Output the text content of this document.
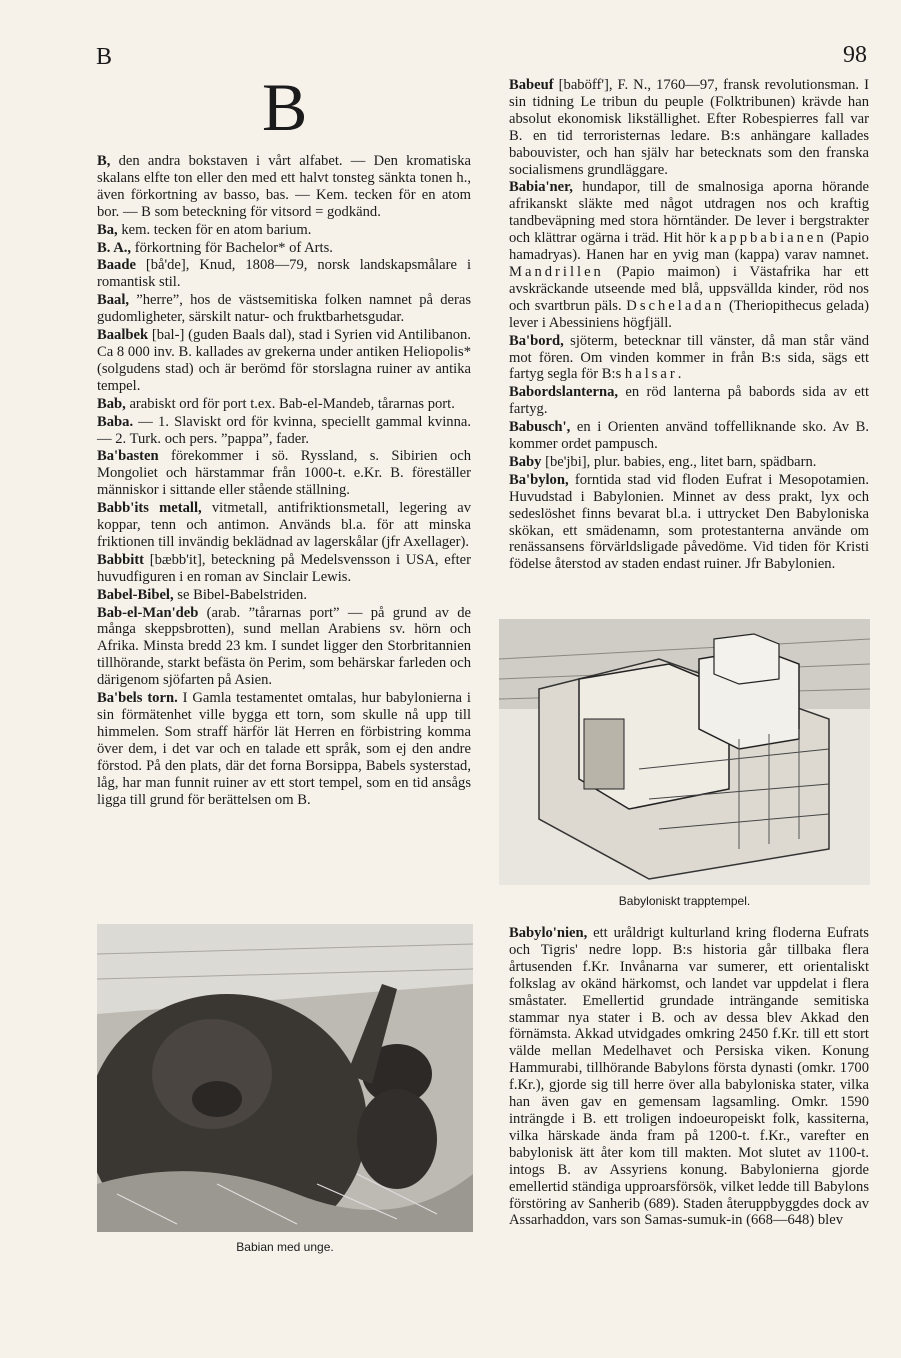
B	98
B

B, den andra bokstaven i vårt alfabet. — Den kromatiska skalans elfte ton eller den med ett halvt tonsteg sänkta tonen h., även förkortning av basso, bas. — Kem. tecken för en atom bor. — B som beteckning för vitsord = godkänd.

Ba, kem. tecken för en atom barium.

B. A., förkortning för Bachelor* of Arts.

Baade [bå'de], Knud, 1808—79, norsk landskapsmålare i romantisk stil.

Baal, ”herre”, hos de västsemitiska folken namnet på deras gudomligheter, särskilt natur- och fruktbarhetsgudar.

Baalbek [bal-] (guden Baals dal), stad i Syrien vid Antilibanon. Ca 8 000 inv. B. kallades av grekerna under antiken Heliopolis* (solgudens stad) och är berömd för storslagna ruiner av antika tempel.

Bab, arabiskt ord för port t.ex. Bab-el-Mandeb, tårarnas port.

Baba. — 1. Slaviskt ord för kvinna, speciellt gammal kvinna. — 2. Turk. och pers. ”pappa”, fader.

Ba'basten förekommer i sö. Ryssland, s. Sibirien och Mongoliet och härstammar från 1000-t. e.Kr. B. föreställer människor i sittande eller stående ställning.

Babb'its metall, vitmetall, antifriktionsmetall, legering av koppar, tenn och antimon. Används bl.a. för att minska friktionen till invändig beklädnad av lagerskålar (jfr Axellager).

Babbitt [bæbb'it], beteckning på Medelsvensson i USA, efter huvudfiguren i en roman av Sinclair Lewis.

Babel-Bibel, se Bibel-Babelstriden.

Bab-el-Man'deb (arab. ”tårarnas port” — på grund av de många skeppsbrotten), sund mellan Arabiens sv. hörn och Afrika. Minsta bredd 23 km. I sundet ligger den Storbritannien tillhörande, starkt befästa ön Perim, som behärskar farleden och därigenom sjöfarten på Asien.

Ba'bels torn. I Gamla testamentet omtalas, hur babylonierna i sin förmätenhet ville bygga ett torn, som skulle nå upp till himmelen. Som straff härför lät Herren en förbistring komma över dem, i det var och en talade ett språk, som ej den andre förstod. På den plats, där det forna Borsippa, Babels systerstad, låg, har man funnit ruiner av ett stort tempel, som en tid ansågs ligga till grund för berättelsen om B.

Babeuf [baböff'], F. N., 1760—97, fransk revolutionsman. I sin tidning Le tribun du peuple (Folktribunen) krävde han absolut ekonomisk likställighet. Efter Robespierres fall var B. en tid terroristernas ledare. B:s anhängare kallades babouvister, och han själv har betecknats som den franska socialismens grundläggare.

Babia'ner, hundapor, till de smalnosiga aporna hörande afrikanskt släkte med något utdragen nos och kraftig tandbeväpning med stora hörntänder. De lever i bergstrakter och klättrar ogärna i träd. Hit hör kappbabianen (Papio hamadryas). Hanen har en yvig man (kappa) varav namnet. Mandrillen (Papio maimon) i Västafrika har ett avskräckande utseende med blå, uppsvällda kinder, röd nos och svartbrun päls. Dscheladan (Theriopithecus gelada) lever i Abessiniens högfjäll.

Ba'bord, sjöterm, betecknar till vänster, då man står vänd mot fören. Om vinden kommer in från B:s sida, sägs ett fartyg segla för B:s halsar.

Babordslanterna, en röd lanterna på babords sida av ett fartyg.

Babusch', en i Orienten använd toffelliknande sko. Av B. kommer ordet pampusch.

Baby [be'jbi], plur. babies, eng., litet barn, spädbarn.

Ba'bylon, forntida stad vid floden Eufrat i Mesopotamien. Huvudstad i Babylonien. Minnet av dess prakt, lyx och sedeslöshet finns bevarat bl.a. i uttrycket Den Babyloniska skökan, ett smädenamn, som protestanterna använde om renässansens förvärldsligade påvedöme. Vid tiden för Kristi födelse återstod av staden endast ruiner. Jfr Babylonien.

Babyloniskt trapptempel.

Babylo'nien, ett uråldrigt kulturland kring floderna Eufrats och Tigris' nedre lopp. B:s historia går tillbaka flera årtusenden f.Kr. Invånarna var sumerer, ett orientaliskt folkslag av okänd härkomst, och landet var uppdelat i flera småstater. Emellertid grundade inträngande semitiska stammar nya stater i B. och av dessa blev Akkad den förnämsta. Akkad utvidgades omkring 2450 f.Kr. till ett stort välde mellan Medelhavet och Persiska viken. Konung Hammurabi, tillhörande Babylons första dynasti (omkr. 1700 f.Kr.), gjorde sig till herre över alla babyloniska stater, vilka han även gav en gemensam lagsamling. Omkr. 1590 inträngde i B. ett troligen indoeuropeiskt folk, kassiterna, vilka härskade ända fram på 1200-t. f.Kr., varefter en babylonisk ätt åter kom till makten. Mot slutet av 1100-t. intogs B. av Assyriens konung. Babylonierna gjorde emellertid ständiga upproarsförsök, vilket ledde till Babylons förstöring av Sanherib (689). Staden återuppbyggdes dock av Assarhaddon, vars son Samas-sumuk-in (668—648) blev

Babian med unge.
